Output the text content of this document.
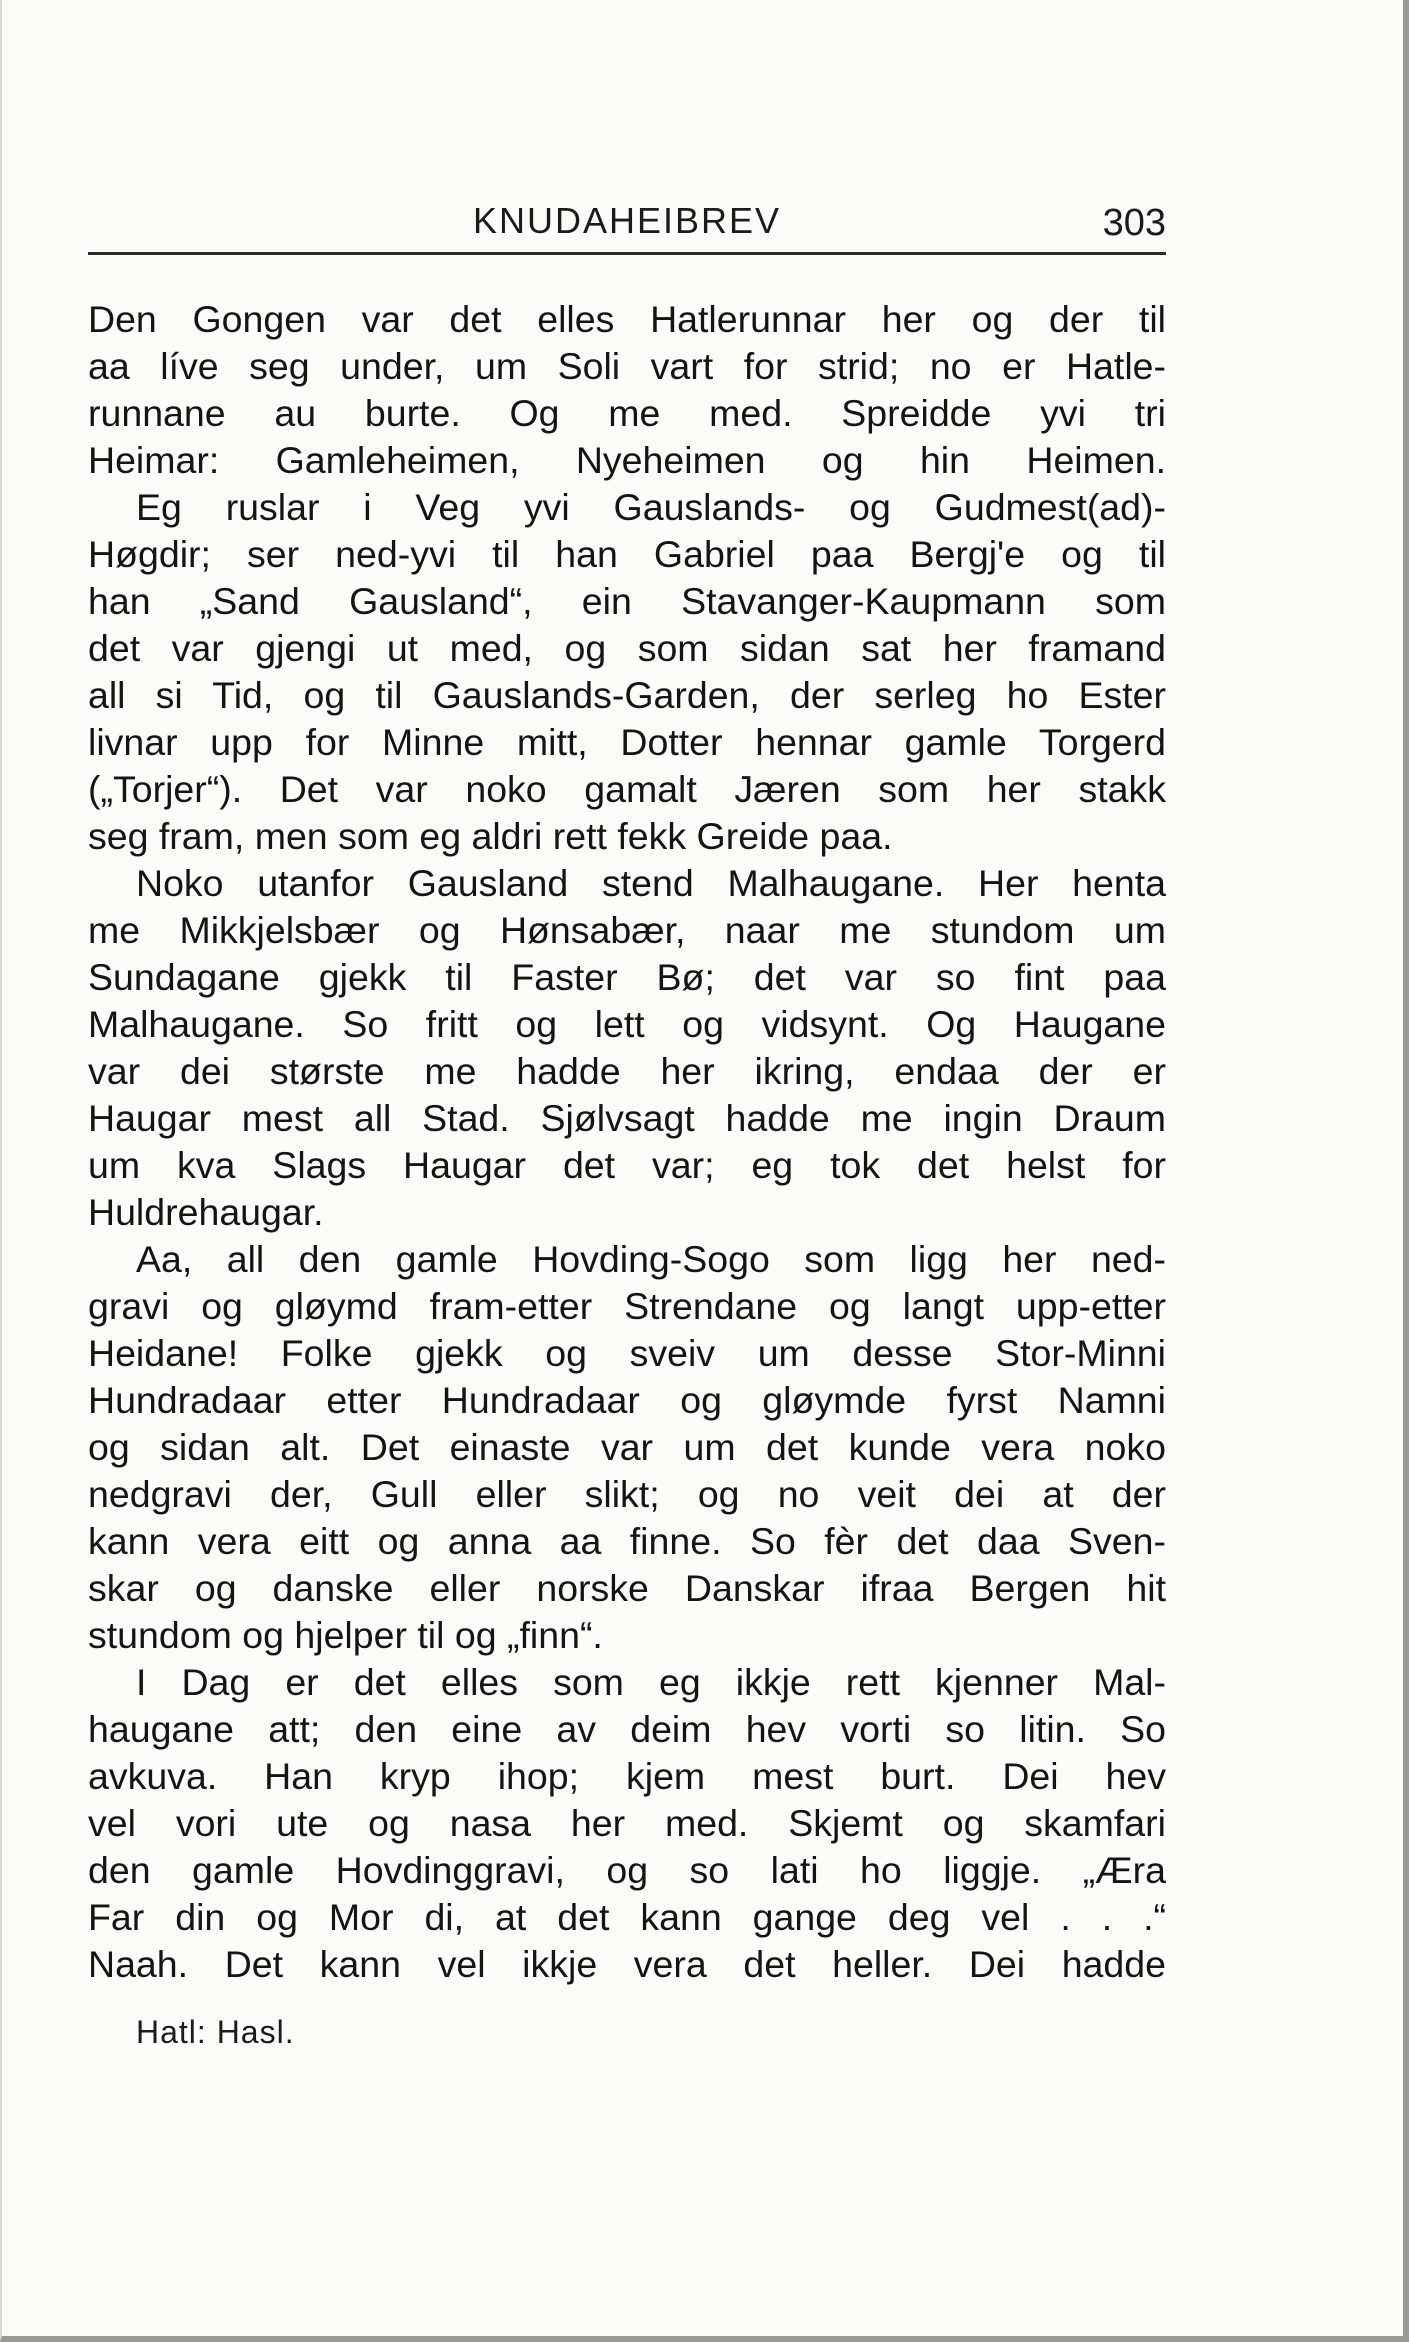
KNUDAHEIBREV	303
Den Gongen var det elles Hatlerunnar her og der til
aa líve seg under, um Soli vart for strid; no er Hatle-
runnane au burte. Og me med. Spreidde yvi tri
Heimar: Gamleheimen, Nyeheimen og hin Heimen.
Eg ruslar i Veg yvi Gauslands- og Gudmest(ad)-
Høgdir; ser ned-yvi til han Gabriel paa Bergj'e og til
han „Sand Gausland“, ein Stavanger-Kaupmann som
det var gjengi ut med, og som sidan sat her framand
all si Tid, og til Gauslands-Garden, der serleg ho Ester
livnar upp for Minne mitt, Dotter hennar gamle Torgerd
(„Torjer“). Det var noko gamalt Jæren som her stakk
seg fram, men som eg aldri rett fekk Greide paa.
Noko utanfor Gausland stend Malhaugane. Her henta
me Mikkjelsbær og Hønsabær, naar me stundom um
Sundagane gjekk til Faster Bø; det var so fint paa
Malhaugane. So fritt og lett og vidsynt. Og Haugane
var dei største me hadde her ikring, endaa der er
Haugar mest all Stad. Sjølvsagt hadde me ingin Draum
um kva Slags Haugar det var; eg tok det helst for
Huldrehaugar.
Aa, all den gamle Hovding-Sogo som ligg her ned-
gravi og gløymd fram-etter Strendane og langt upp-etter
Heidane! Folke gjekk og sveiv um desse Stor-Minni
Hundradaar etter Hundradaar og gløymde fyrst Namni
og sidan alt. Det einaste var um det kunde vera noko
nedgravi der, Gull eller slikt; og no veit dei at der
kann vera eitt og anna aa finne. So fèr det daa Sven-
skar og danske eller norske Danskar ifraa Bergen hit
stundom og hjelper til og „finn“.
I Dag er det elles som eg ikkje rett kjenner Mal-
haugane att; den eine av deim hev vorti so litin. So
avkuva. Han kryp ihop; kjem mest burt. Dei hev
vel vori ute og nasa her med. Skjemt og skamfari
den gamle Hovdinggravi, og so lati ho liggje. „Æra
Far din og Mor di, at det kann gange deg vel . . .“
Naah. Det kann vel ikkje vera det heller. Dei hadde
Hatl: Hasl.
